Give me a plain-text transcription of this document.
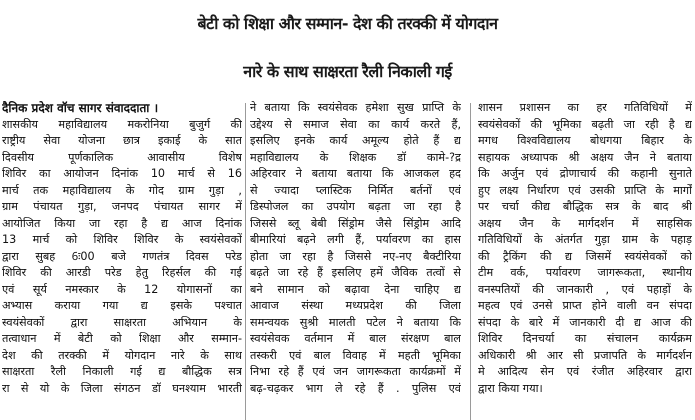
बेटी को शिक्षा और सम्मान- देश की तरक्की में योगदान
नारे के साथ साक्षरता रैली निकाली गई
दैनिक प्रदेश वॉच सागर संवाददाता ।
शासकीय महाविद्यालय मकरोनिया बुजुर्ग की
राष्ट्रीय सेवा योजना छात्र इकाई के सात
दिवसीय पूर्णकालिक आवासीय विशेष
शिविर का आयोजन दिनांक 10 मार्च से 16
मार्च तक महाविद्यालय के गोद ग्राम गुड़ा ,
ग्राम पंचायत गुड़ा, जनपद पंचायत सागर में
आयोजित किया जा रहा है द्य आज दिनांक
13 मार्च को शिविर शिविर के स्वयंसेवकों
द्वारा सुबह 6ः00 बजे गणतंत्र दिवस परेड
शिविर की आरडी परेड हेतु रिहर्सल की गई
एवं सूर्य नमस्कार के 12 योगासनों का
अभ्यास कराया गया द्य इसके पश्चात
स्वयंसेवकों द्वारा साक्षरता अभियान के
तत्वाधान में बेटी को शिक्षा और सम्मान-
देश की तरक्की में योगदान नारे के साथ
साक्षरता रैली निकाली गई द्य बौद्धिक सत्र
रा से यो के जिला संगठन डॉ घनश्याम भारती
ने बताया कि स्वयंसेवक हमेशा सुख प्राप्ति के
उद्देश्य से समाज सेवा का कार्य करते हैं,
इसलिए इनके कार्य अमूल्य होते हैं द्य
महाविद्यालय के शिक्षक डॉ कामे-?द्र
अहिरवार ने बताया बताया कि आजकल हद
से ज्यादा प्लास्टिक निर्मित बर्तनों एवं
डिस्पोजल का उपयोग बढ़ता जा रहा है
जिससे ब्लू बेबी सिंड्रोम जैसे सिंड्रोम आदि
बीमारियां बढ़ने लगी हैं, पर्यावरण का हास
होता जा रहा है जिससे नए-नए बैक्टीरिया
बढ़ते जा रहे हैं इसलिए हमें जैविक तत्वों से
बने सामान को बढ़ावा देना चाहिए द्य
आवाज संस्था मध्यप्रदेश की जिला
समन्वयक सुश्री मालती पटेल ने बताया कि
स्वयंसेवक वर्तमान में बाल संरक्षण बाल
तस्करी एवं बाल विवाह में महती भूमिका
निभा रहे हैं एवं जन जागरूकता कार्यक्रमों में
बढ़-चढ़कर भाग ले रहे हैं . पुलिस एवं
शासन प्रशासन का हर गतिविधियों में
स्वयंसेवकों की भूमिका बढ़ती जा रही है द्य
मगध विश्वविद्यालय बोधगया बिहार के
सहायक अध्यापक श्री अक्षय जैन ने बताया
कि अर्जुन एवं द्रोणाचार्य की कहानी सुनाते
हुए लक्ष्य निर्धारण एवं उसकी प्राप्ति के मार्गों
पर चर्चा कीद्य बौद्धिक सत्र के बाद श्री
अक्षय जैन के मार्गदर्शन में साहसिक
गतिविधियों के अंतर्गत गुड़ा ग्राम के पहाड़
की ट्रैकिंग की द्य जिसमें स्वयंसेवकों को
टीम वर्क, पर्यावरण जागरूकता, स्थानीय
वनस्पतियों की जानकारी , एवं पहाड़ों के
महत्व एवं उनसे प्राप्त होने वाली वन संपदा
संपदा के बारे में जानकारी दी द्य आज की
शिविर दिनचर्या का संचालन कार्यक्रम
अधिकारी श्री आर सी प्रजापति के मार्गदर्शन
मे आदित्य सेन एवं रंजीत अहिरवार द्वारा
द्वारा किया गया।
